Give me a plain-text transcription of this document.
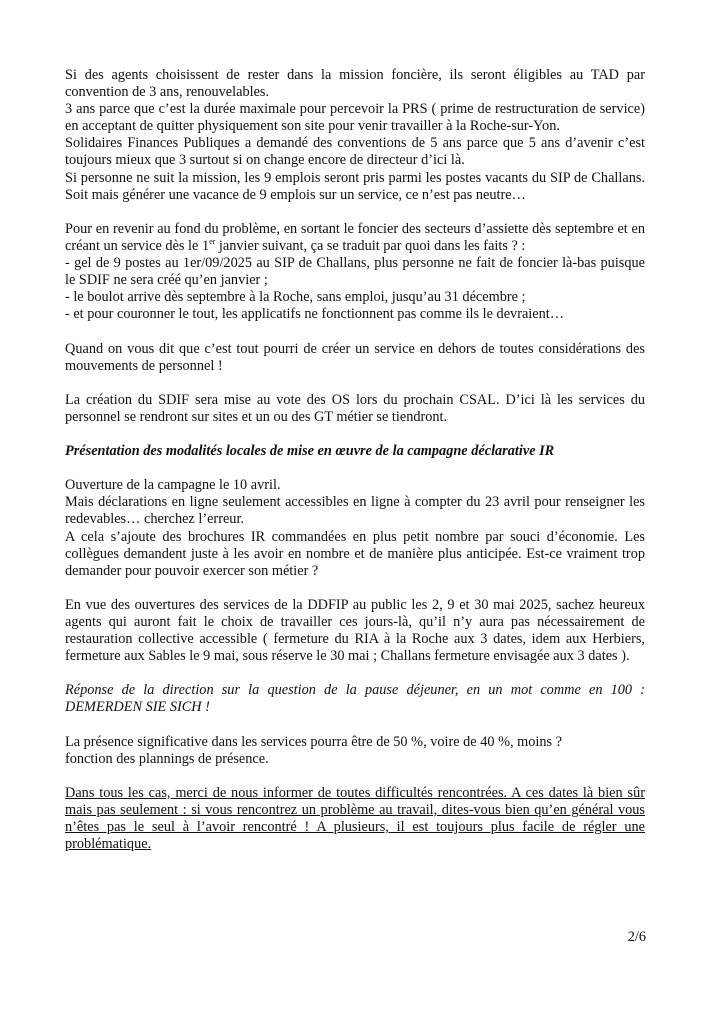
Si des agents choisissent de rester dans la mission foncière, ils seront éligibles au TAD par convention de 3 ans, renouvelables.

3 ans parce que c’est la durée maximale pour percevoir la PRS ( prime de restructuration de service) en acceptant de quitter physiquement son site pour venir travailler à la Roche-sur-Yon.

Solidaires Finances Publiques a demandé des conventions de 5 ans parce que 5 ans d’avenir c’est toujours mieux que 3 surtout si on change encore de directeur d’ici là.

Si personne ne suit la mission, les 9 emplois seront pris parmi les postes vacants du SIP de Challans. Soit mais générer une vacance de 9 emplois sur un service, ce n’est pas neutre…

Pour en revenir au fond du problème, en sortant le foncier des secteurs d’assiette dès septembre et en créant un service dès le 1er janvier suivant, ça se traduit par quoi dans les faits ? :

- gel de 9 postes au 1er/09/2025 au SIP de Challans, plus personne ne fait de foncier là-bas puisque le SDIF ne sera créé qu’en janvier ;

- le boulot arrive dès septembre à la Roche, sans emploi, jusqu’au 31 décembre ;

- et pour couronner le tout, les applicatifs ne fonctionnent pas comme ils le devraient…

Quand on vous dit que c’est tout pourri de créer un service en dehors de toutes considérations des mouvements de personnel !

La création du SDIF sera mise au vote des OS lors du prochain CSAL. D’ici là les services du personnel se rendront sur sites et un ou des GT métier se tiendront.

Présentation des modalités locales de mise en œuvre de la campagne déclarative IR

Ouverture de la campagne le 10 avril.

Mais déclarations en ligne seulement accessibles en ligne à compter du 23 avril pour renseigner les redevables… cherchez l’erreur.

A cela s’ajoute des brochures IR commandées en plus petit nombre par souci d’économie. Les collègues demandent juste à les avoir en nombre et de manière plus anticipée. Est-ce vraiment trop demander pour pouvoir exercer son métier ?

En vue des ouvertures des services de la DDFIP au public les 2, 9 et 30 mai 2025, sachez heureux agents qui auront fait le choix de travailler ces jours-là, qu’il n’y aura pas nécessairement de restauration collective accessible ( fermeture du RIA à la Roche aux 3 dates, idem aux Herbiers, fermeture aux Sables le 9 mai, sous réserve le 30 mai ; Challans fermeture envisagée aux 3 dates ).

Réponse de la direction sur la question de la pause déjeuner, en un mot comme en 100 : DEMERDEN SIE SICH !

La présence significative dans les services pourra être de 50 %, voire de 40 %, moins ?

fonction des plannings de présence.

Dans tous les cas, merci de nous informer de toutes difficultés rencontrées. A ces dates là bien sûr mais pas seulement : si vous rencontrez un problème au travail, dites-vous bien qu’en général vous n’êtes pas le seul à l’avoir rencontré ! A plusieurs, il est toujours plus facile de régler une problématique.

2/6
